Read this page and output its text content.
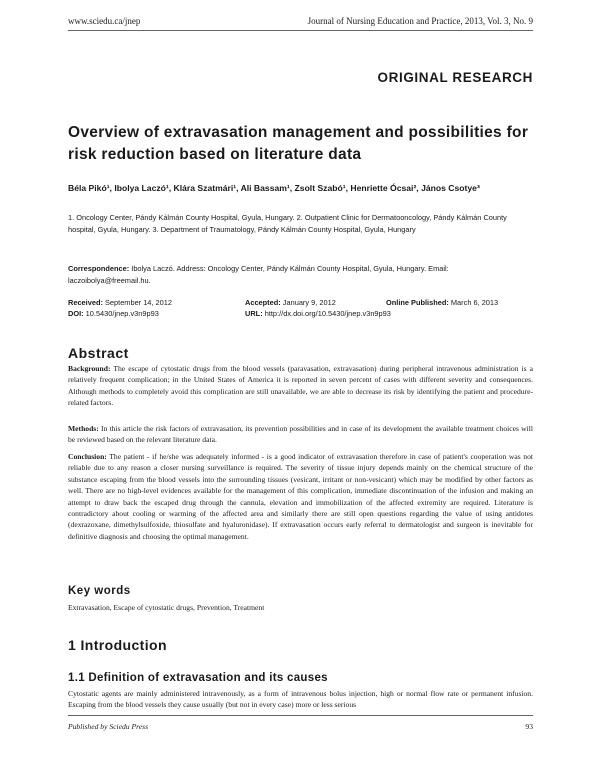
www.sciedu.ca/jnep	Journal of Nursing Education and Practice, 2013, Vol. 3, No. 9
ORIGINAL RESEARCH
Overview of extravasation management and possibilities for risk reduction based on literature data
Béla Pikó¹, Ibolya Laczó¹, Klára Szatmári¹, Ali Bassam¹, Zsolt Szabó¹, Henriette Ócsai², János Csotye³
1. Oncology Center, Pándy Kálmán County Hospital, Gyula, Hungary. 2. Outpatient Clinic for Dermatooncology, Pándy Kálmán County hospital, Gyula, Hungary. 3. Department of Traumatology, Pándy Kálmán County Hospital, Gyula, Hungary
Correspondence: Ibolya Laczó. Address: Oncology Center, Pándy Kálmán County Hospital, Gyula, Hungary. Email: laczoibolya@freemail.hu.
Received: September 14, 2012	Accepted: January 9, 2012	Online Published: March 6, 2013
DOI: 10.5430/jnep.v3n9p93	URL: http://dx.doi.org/10.5430/jnep.v3n9p93
Abstract
Background: The escape of cytostatic drugs from the blood vessels (paravasation, extravasation) during peripheral intravenous administration is a relatively frequent complication; in the United States of America it is reported in seven percent of cases with different severity and consequences. Although methods to completely avoid this complication are still unavailable, we are able to decrease its risk by identifying the patient and procedure-related factors.
Methods: In this article the risk factors of extravasation, its prevention possibilities and in case of its development the available treatment choices will be reviewed based on the relevant literature data.
Conclusion: The patient - if he/she was adequately informed - is a good indicator of extravasation therefore in case of patient's cooperation was not reliable due to any reason a closer nursing surveillance is required. The severity of tissue injury depends mainly on the chemical structure of the substance escaping from the blood vessels into the surrounding tissues (vesicant, irritant or non-vesicant) which may be modified by other factors as well. There are no high-level evidences available for the management of this complication, immediate discontinuation of the infusion and making an attempt to draw back the escaped drug through the cannula, elevation and immobilization of the affected extremity are required. Literature is contradictory about cooling or warming of the affected area and similarly there are still open questions regarding the value of using antidotes (dexrazoxane, dimethylsulfoxide, thiosulfate and hyaluronidase). If extravasation occurs early referral to dermatologist and surgeon is inevitable for definitive diagnosis and choosing the optimal management.
Key words
Extravasation, Escape of cytostatic drugs, Prevention, Treatment
1 Introduction
1.1 Definition of extravasation and its causes
Cytostatic agents are mainly administered intravenously, as a form of intravenous bolus injection, high or normal flow rate or permanent infusion. Escaping from the blood vessels they cause usually (but not in every case) more or less serious
Published by Sciedu Press	93
